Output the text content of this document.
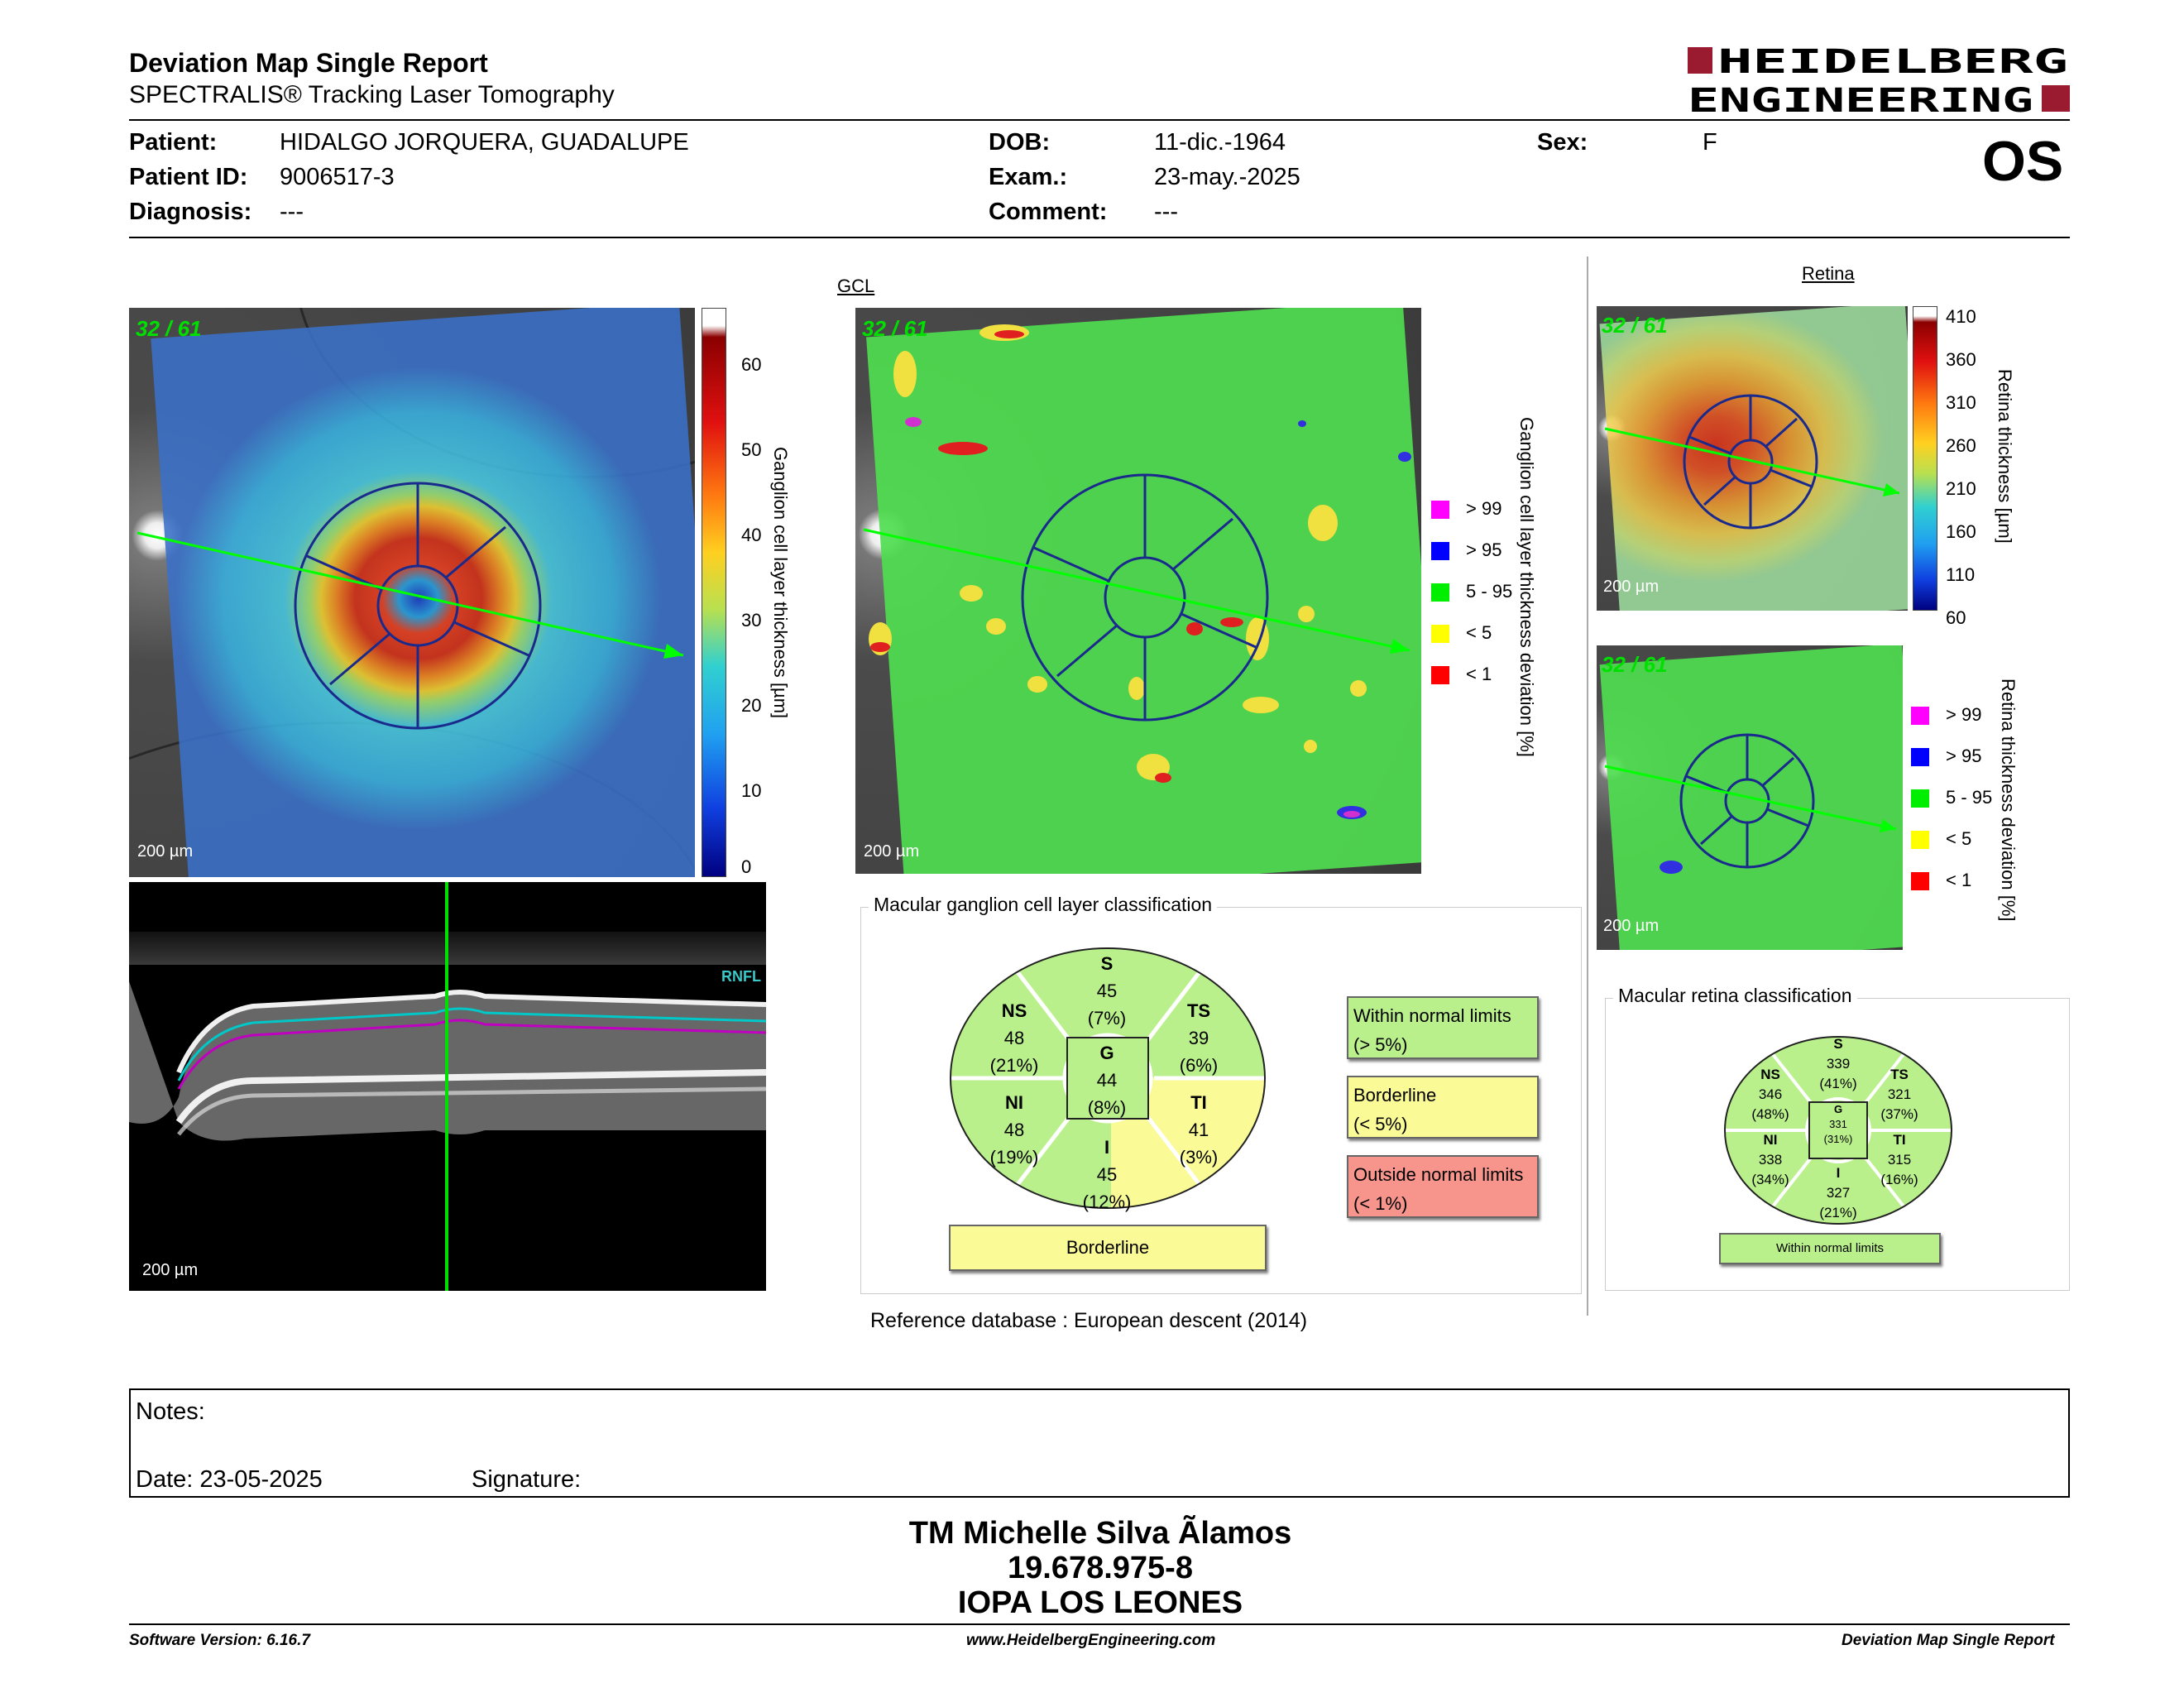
Deviation Map Single Report
SPECTRALIS® Tracking Laser Tomography
HEIDELBERG
ENGINEERING
Patient:	HIDALGO JORQUERA, GUADALUPE
Patient ID: 9006517-3
Diagnosis: ---
DOB:	11-dic.-1964
Exam.:	23-may.-2025
Comment: ---
Sex:	F	OS
32 / 61
200 µm
60
50
40
30
20
10
0
Ganglion cell layer thickness [µm]
RNFL
200 µm
GCL
32 / 61
200 µm
> 99
> 95
5 - 95
< 5
< 1 Ganglion cell layer thickness deviation [%]
Retina
32 / 61
200 µm
410
360
310
260
210
160
110
60
Retina thickness [µm]
32 / 61
200 µm
> 99
> 95
5 - 95
< 5
< 1 Retina thickness deviation [%]
Macular ganglion cell layer classification
S
45
(7%)
NS
48
(21%)
TS
39
(6%)
G
44
(8%)
NI
48
(19%)
TI
41
(3%)
I
45
(12%)
Borderline
Within normal limits
(> 5%)
Borderline
(< 5%)
Outside normal limits
(< 1%)
Reference database : European descent (2014)
Macular retina classification
S
339
(41%)
NS
346
(48%)
TS
321
(37%)
G
331
(31%)
NI
338
(34%)
TI
315
(16%)
I
327
(21%)
Within normal limits
Notes:
Date: 23-05-2025	Signature:
TM Michelle Silva Ãlamos
19.678.975-8
IOPA LOS LEONES
Software Version: 6.16.7	www.HeidelbergEngineering.com	Deviation Map Single Report
